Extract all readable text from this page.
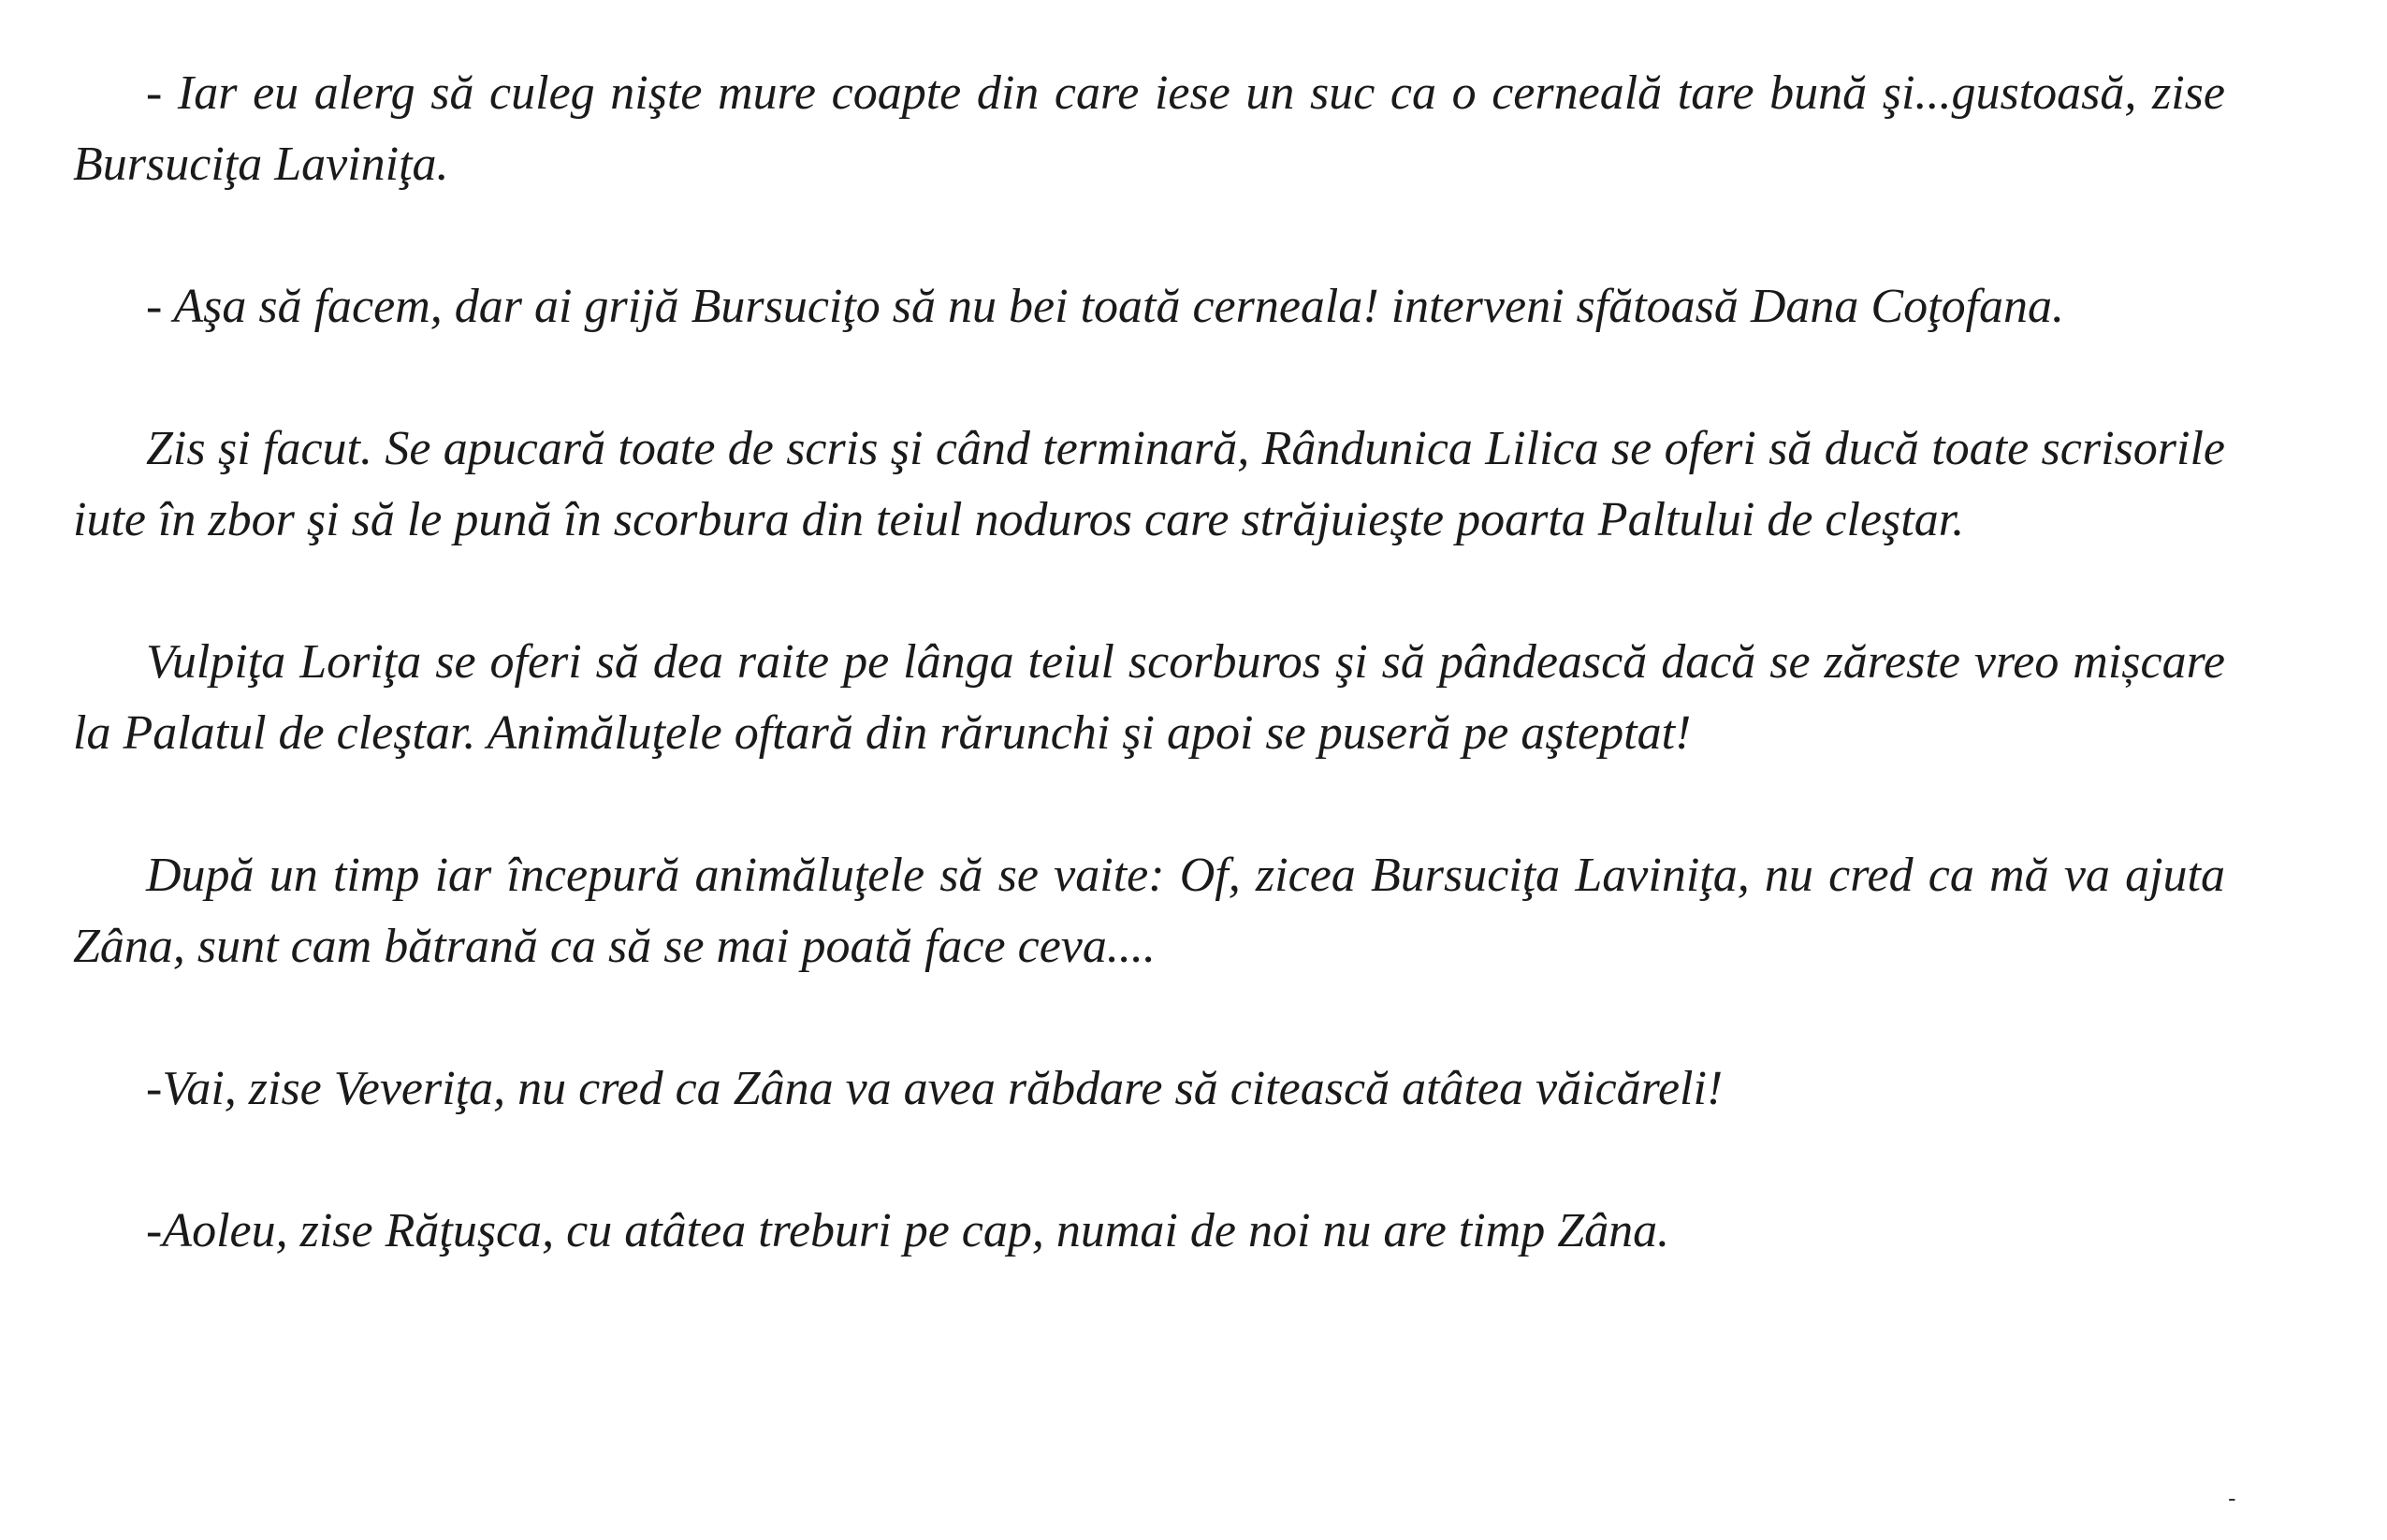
- Iar eu alerg să culeg nişte mure coapte din care iese un suc ca o cerneală tare bună şi...gustoasă, zise Bursuciţa Laviniţa.

- Aşa să facem, dar ai grijă Bursuciţo să nu bei toată cerneala! interveni sfătoasă Dana Coţofana.

Zis şi facut. Se apucară toate de scris şi când terminară, Rândunica Lilica se oferi să ducă toate scrisorile iute în zbor şi să le pună în scorbura din teiul noduros care străjuieşte poarta Paltului de cleştar.

Vulpiţa Loriţa se oferi să dea raite pe lânga teiul scorburos şi să pândească dacă se zăreste vreo mișcare la Palatul de cleştar. Animăluţele oftară din rărunchi şi apoi se puseră pe aşteptat!

După un timp iar începură animăluţele să se vaite: Of, zicea Bursuciţa Laviniţa, nu cred ca mă va ajuta Zâna, sunt cam bătrană ca să se mai poată face ceva....

-Vai, zise Veveriţa, nu cred ca Zâna va avea răbdare să citească atâtea văicăreli!

-Aoleu, zise Răţuşca, cu atâtea treburi pe cap, numai de noi nu are timp Zâna.

-
